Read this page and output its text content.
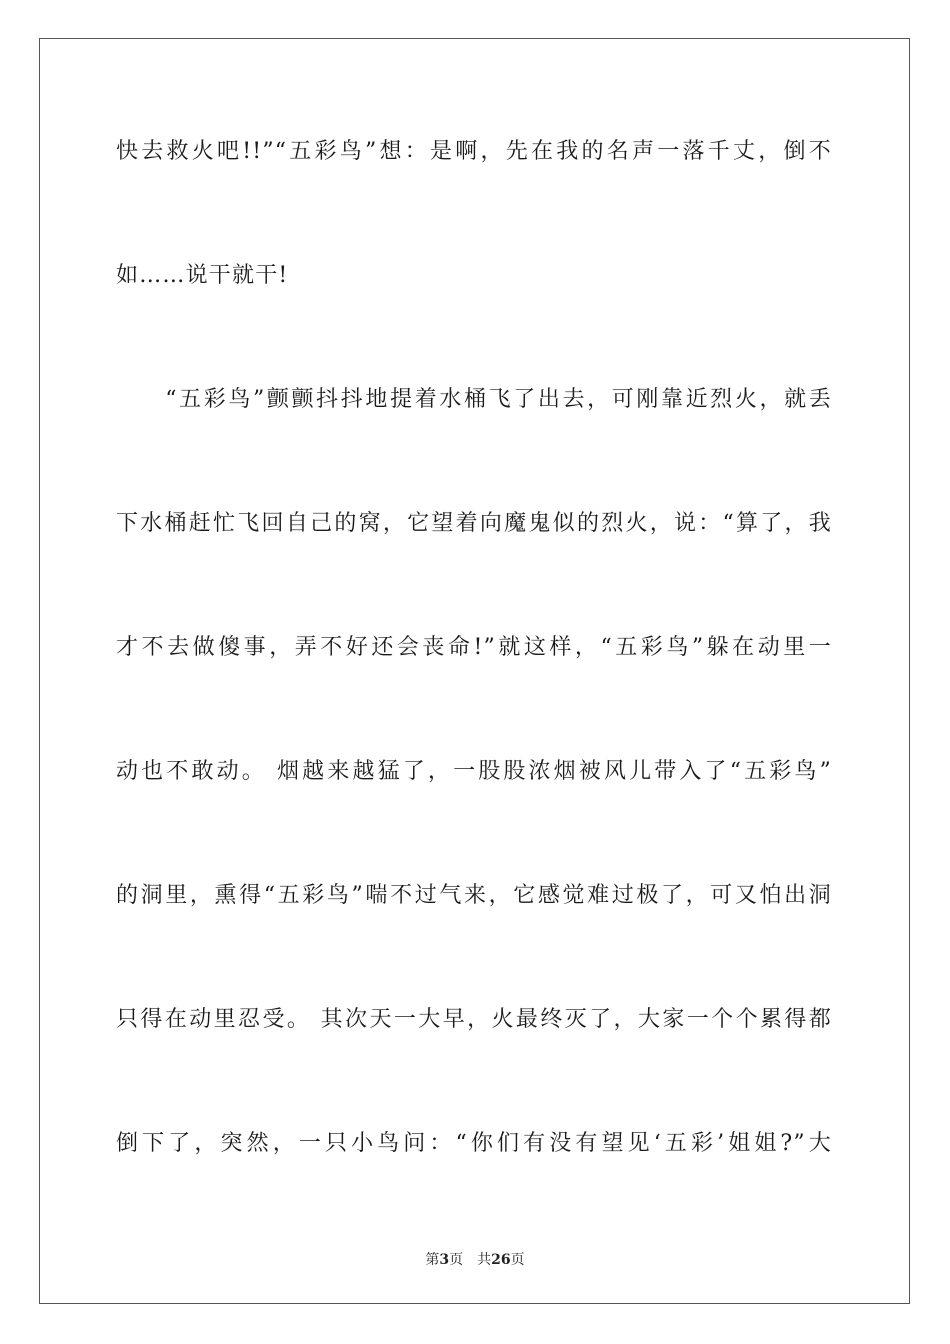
快去救火吧!!”“五彩鸟”想：是啊，先在我的名声一落千丈，倒不
如……说干就干!
　　“五彩鸟”颤颤抖抖地提着水桶飞了出去，可刚靠近烈火，就丢
下水桶赶忙飞回自己的窝，它望着向魔鬼似的烈火，说：“算了，我
才不去做傻事，弄不好还会丧命!”就这样，“五彩鸟”躲在动里一
动也不敢动。 烟越来越猛了，一股股浓烟被风儿带入了“五彩鸟”
的洞里，熏得“五彩鸟”喘不过气来，它感觉难过极了，可又怕出洞
只得在动里忍受。 其次天一大早，火最终灭了，大家一个个累得都
倒下了，突然，一只小鸟问：“你们有没有望见‘五彩’姐姐?”大
第3页　共26页
